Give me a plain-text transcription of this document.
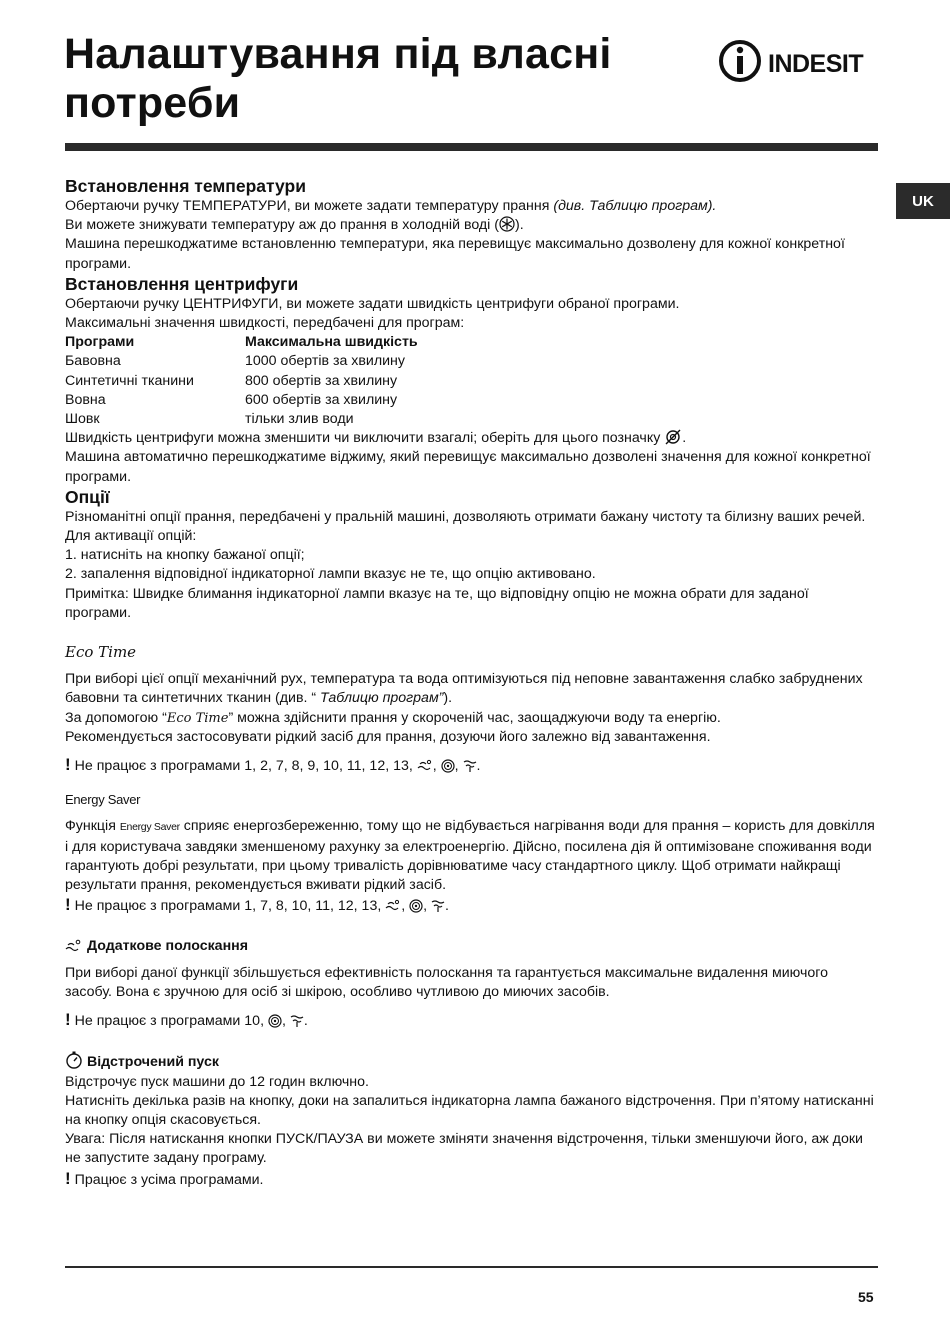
Налаштування під власні
потреби
INDESIT
UK
Встановлення температури

Обертаючи ручку ТЕМПЕРАТУРИ, ви можете задати температуру прання (див. Таблицю програм).

Ви можете знижувати температуру аж до прання в холодній воді ( ).

Машина перешкоджатиме встановленню температури, яка перевищує максимально дозволену для кожної конкретної програми.

Встановлення центрифуги

Обертаючи ручку ЦЕНТРИФУГИ, ви можете задати швидкість центрифуги обраної програми.

Максимальні значення швидкості, передбачені для програм:

Програми	Максимальна швидкість
Бавовна	1000 обертів за хвилину
Синтетичні тканини	800 обертів за хвилину
Вовна	600 обертів за хвилину
Шовк	тільки злив води

Швидкість центрифуги можна зменшити чи виключити взагалі; оберіть для цього позначку .

Машина автоматично перешкоджатиме віджиму, який перевищує максимально дозволені значення для кожної конкретної програми.

Опції

Різноманітні опції прання, передбачені у пральній машині, дозволяють отримати бажану чистоту та білизну ваших речей.

Для активації опцій:

1. натисніть на кнопку бажаної опції;

2. запалення відповідної індикаторної лампи вказує не те, що опцію активовано.

Примітка: Швидке блимання індикаторної лампи вказує на те, що відповідну опцію не можна обрати для заданої програми.

Eco Time

При виборі цієї опції механічний рух, температура та вода оптимізуються під неповне завантаження слабко забруднених бавовни та синтетичних тканин (див. “ Таблицю програм”).

За допомогою “Eco Time” можна здійснити прання у скороченій час, заощаджуючи воду та енергію.

Рекомендується застосовувати рідкий засіб для прання, дозуючи його залежно від завантаження.

! Не працює з програмами 1, 2, 7, 8, 9, 10, 11, 12, 13, , , .

Energy Saver

Функція Energy Saver сприяє енергозбереженню, тому що не відбувається нагрівання води для прання – користь для довкілля і для користувача завдяки зменшеному рахунку за електроенергію. Дійсно, посилена дія й оптимізоване споживання води гарантують добрі результати, при цьому тривалість дорівнюватиме часу стандартного циклу. Щоб отримати найкращі результати прання, рекомендується вживати рідкий засіб.

! Не працює з програмами 1, 7, 8, 10, 11, 12, 13, , , .

Додаткове полоскання

При виборі даної функції збільшується ефективність полоскання та гарантується максимальне видалення миючого засобу. Вона є зручною для осіб зі шкірою, особливо чутливою до миючих засобів.

! Не працює з програмами 10, , .

Відстрочений пуск

Відстрочує пуск машини до 12 годин включно.

Натисніть декілька разів на кнопку, доки на запалиться індикаторна лампа бажаного відстрочення. При п’ятому натисканні на кнопку опція скасовується.

Увага: Після натискання кнопки ПУСК/ПАУЗА ви можете зміняти значення відстрочення, тільки зменшуючи його, аж доки не запустите задану програму.

! Працює з усіма програмами.

55
